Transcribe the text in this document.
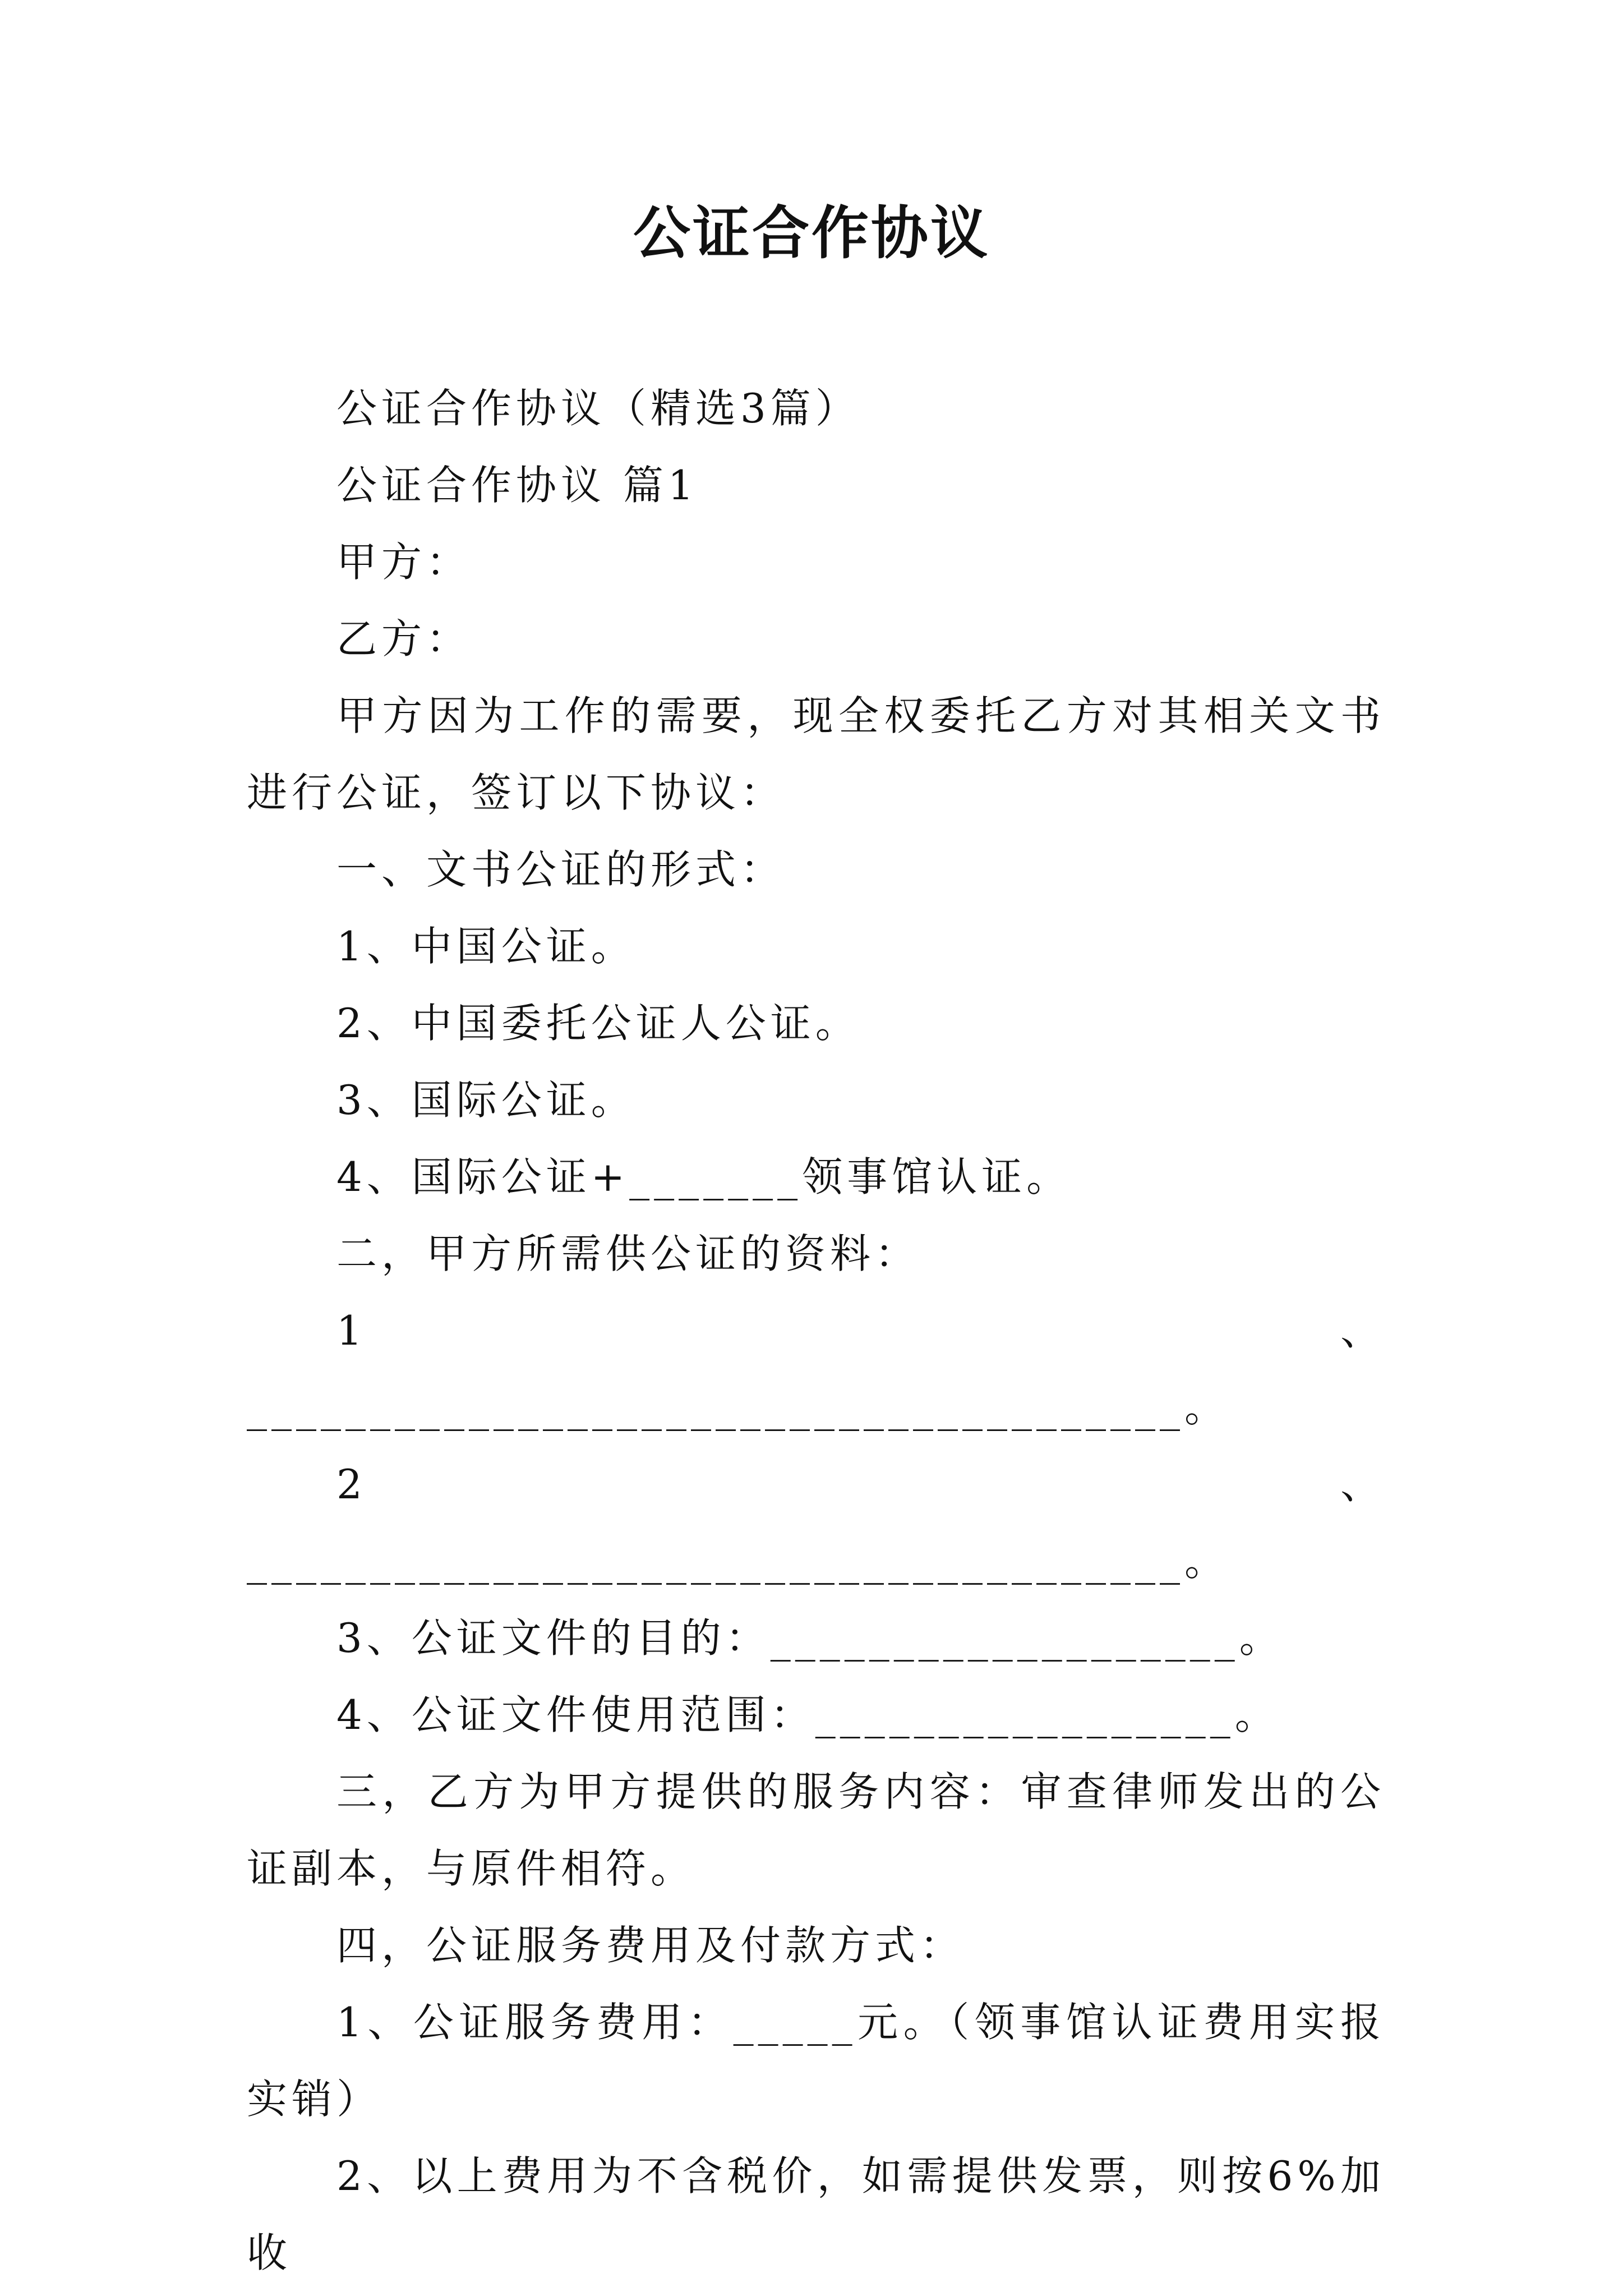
公证合作协议

公证合作协议（精选3篇）

公证合作协议 篇1

甲方：

乙方：

甲方因为工作的需要，现全权委托乙方对其相关文书进行公证，签订以下协议：

一、文书公证的形式：

1、中国公证。

2、中国委托公证人公证。

3、国际公证。

4、国际公证+_______领事馆认证。

二，甲方所需供公证的资料：

1、______________________________________。

2、______________________________________。

3、公证文件的目的：___________________。

4、公证文件使用范围：_________________。

三，乙方为甲方提供的服务内容：审查律师发出的公证副本，与原件相符。

四，公证服务费用及付款方式：

1、公证服务费用：_____元。（领事馆认证费用实报实销）

2、以上费用为不含税价，如需提供发票，则按6%加收
